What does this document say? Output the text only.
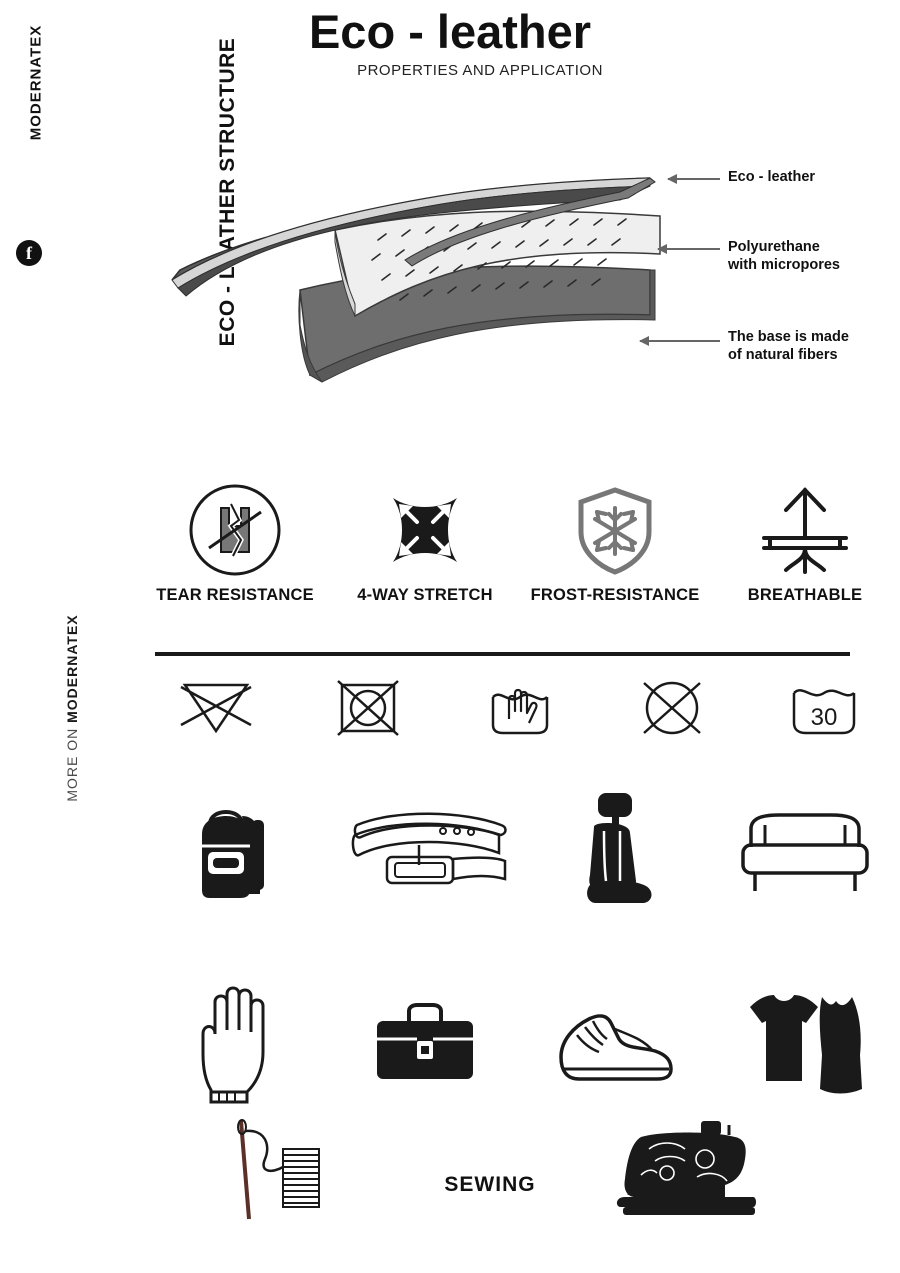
Eco - leather
PROPERTIES AND APPLICATION
MODERNATEX
f
MORE ON MODERNATEX
ECO - LEATHER STRUCTURE	Eco - leather
Polyurethane
with micropores
The base is made
of natural fibers
TEAR RESISTANCE	4-WAY STRETCH	FROST-RESISTANCE	BREATHABLE
30
SEWING
